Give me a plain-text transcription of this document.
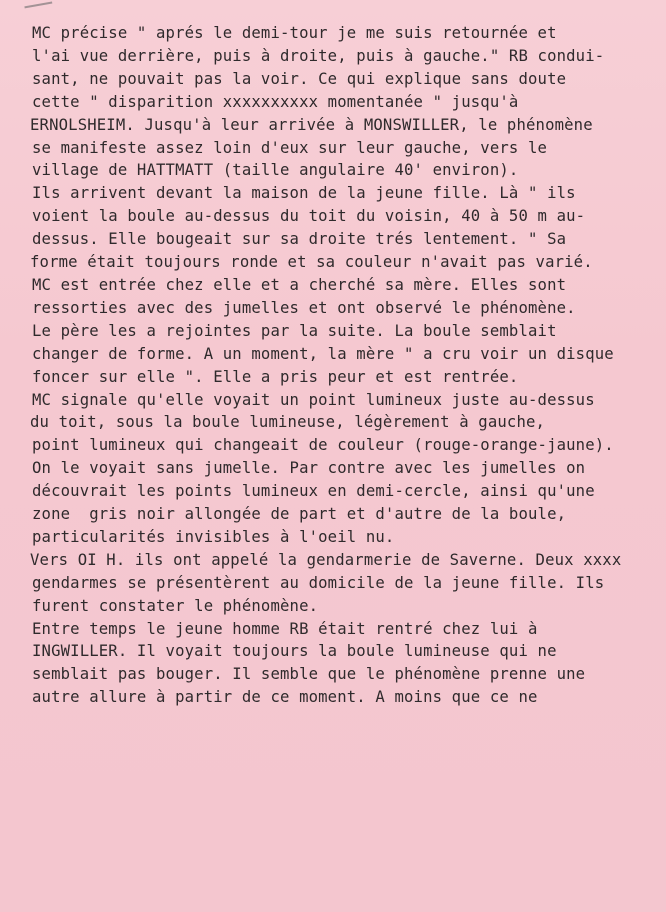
MC précise " aprés le demi-tour je me suis retournée et
l'ai vue derrière, puis à droite, puis à gauche." RB condui-
sant, ne pouvait pas la voir. Ce qui explique sans doute
cette " disparition xxxxxxxxxx momentanée " jusqu'à
ERNOLSHEIM. Jusqu'à leur arrivée à MONSWILLER, le phénomène
se manifeste assez loin d'eux sur leur gauche, vers le
village de HATTMATT (taille angulaire 40' environ).
Ils arrivent devant la maison de la jeune fille. Là " ils
voient la boule au-dessus du toit du voisin, 40 à 50 m au-
dessus. Elle bougeait sur sa droite trés lentement. " Sa
forme était toujours ronde et sa couleur n'avait pas varié.
MC est entrée chez elle et a cherché sa mère. Elles sont
ressorties avec des jumelles et ont observé le phénomène.
Le père les a rejointes par la suite. La boule semblait
changer de forme. A un moment, la mère " a cru voir un disque
foncer sur elle ". Elle a pris peur et est rentrée.
MC signale qu'elle voyait un point lumineux juste au-dessus
du toit, sous la boule lumineuse, légèrement à gauche,
point lumineux qui changeait de couleur (rouge-orange-jaune).
On le voyait sans jumelle. Par contre avec les jumelles on
découvrait les points lumineux en demi-cercle, ainsi qu'une
zone  gris noir allongée de part et d'autre de la boule,
particularités invisibles à l'oeil nu.
Vers OI H. ils ont appelé la gendarmerie de Saverne. Deux xxxx
gendarmes se présentèrent au domicile de la jeune fille. Ils
furent constater le phénomène.
Entre temps le jeune homme RB était rentré chez lui à
INGWILLER. Il voyait toujours la boule lumineuse qui ne
semblait pas bouger. Il semble que le phénomène prenne une
autre allure à partir de ce moment. A moins que ce ne
